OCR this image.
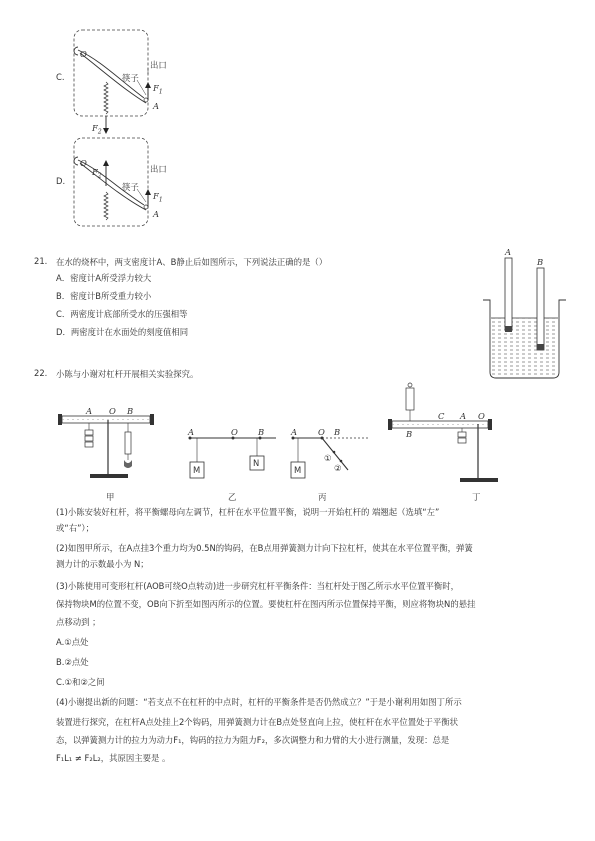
C.
O
出口
筷子
$F_1$
A
$F_2$
D.
O
出口
筷子
$F_2$
$F_1$
A
21. 在水的烧杯中，两支密度计A、B静止后如图所示，下列说法正确的是（）
A．密度计A所受浮力较大
B．密度计B所受重力较小
C．两密度计底部所受水的压强相等
D．两密度计在水面处的刻度值相同
A
B
22. 小陈与小谢对杠杆开展相关实验探究。
A O B
A	O B
M
N
A O B
M
①
②
B
C A O
甲	乙	丙	丁
(1)小陈安装好杠杆，将平衡螺母向左调节，杠杆在水平位置平衡，说明一开始杠杆的 端翘起（选填“左”
或“右”）；
(2)如图甲所示，在A点挂3个重力均为0.5N的钩码，在B点用弹簧测力计向下拉杠杆，使其在水平位置平衡，弹簧
测力计的示数最小为 N；
(3)小陈使用可变形杠杆(AOB可绕O点转动)进一步研究杠杆平衡条件：当杠杆处于图乙所示水平位置平衡时，
保持物块M的位置不变，OB向下折至如图丙所示的位置。要使杠杆在图丙所示位置保持平衡，则应将物块N的悬挂
点移动到 ；
A.①点处
B.②点处
C.①和②之间
(4)小谢提出新的问题：“若支点不在杠杆的中点时，杠杆的平衡条件是否仍然成立？”于是小谢利用如图丁所示
装置进行探究，在杠杆A点处挂上2个钩码，用弹簧测力计在B点处竖直向上拉，使杠杆在水平位置处于平衡状
态，以弹簧测力计的拉力为动力F₁，钩码的拉力为阻力F₂，多次调整力和力臂的大小进行测量，发现：总是
F₁L₁ ≠ F₂L₂，其原因主要是 。
